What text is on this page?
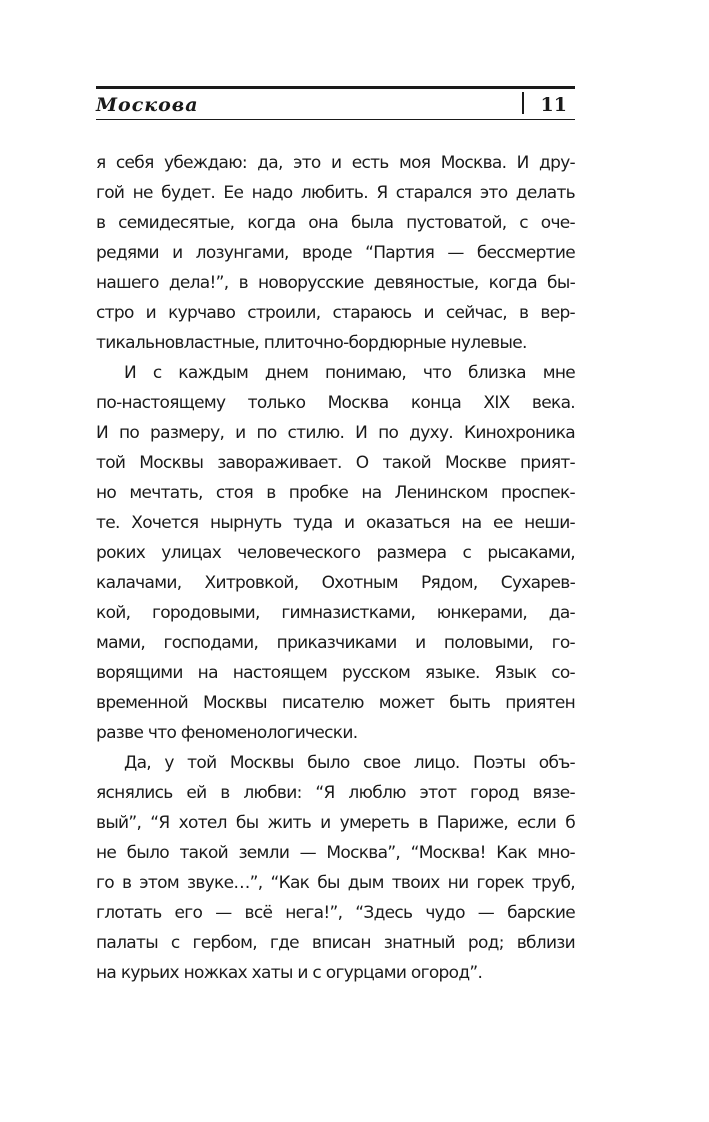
Москова	11
я себя убеждаю: да, это и есть моя Москва. И дру-
гой не будет. Ее надо любить. Я старался это делать
в семидесятые, когда она была пустоватой, с оче-
редями и лозунгами, вроде “Партия — бессмертие
нашего дела!”, в новорусские девяностые, когда бы-
стро и курчаво строили, стараюсь и сейчас, в вер-
тикальновластные, плиточно-бордюрные нулевые.
И с каждым днем понимаю, что близка мне
по-настоящему только Москва конца XIX века.
И по размеру, и по стилю. И по духу. Кинохроника
той Москвы завораживает. О такой Москве прият-
но мечтать, стоя в пробке на Ленинском проспек-
те. Хочется нырнуть туда и оказаться на ее неши-
роких улицах человеческого размера с рысаками,
калачами, Хитровкой, Охотным Рядом, Сухарев-
кой, городовыми, гимназистками, юнкерами, да-
мами, господами, приказчиками и половыми, го-
ворящими на настоящем русском языке. Язык со-
временной Москвы писателю может быть приятен
разве что феноменологически.
Да, у той Москвы было свое лицо. Поэты объ-
яснялись ей в любви: “Я люблю этот город вязе-
вый”, “Я хотел бы жить и умереть в Париже, если б
не было такой земли — Москва”, “Москва! Как мно-
го в этом звуке…”, “Как бы дым твоих ни горек труб,
глотать его — всё нега!”, “Здесь чудо — барские
палаты с гербом, где вписан знатный род; вблизи
на курьих ножках хаты и с огурцами огород”.
